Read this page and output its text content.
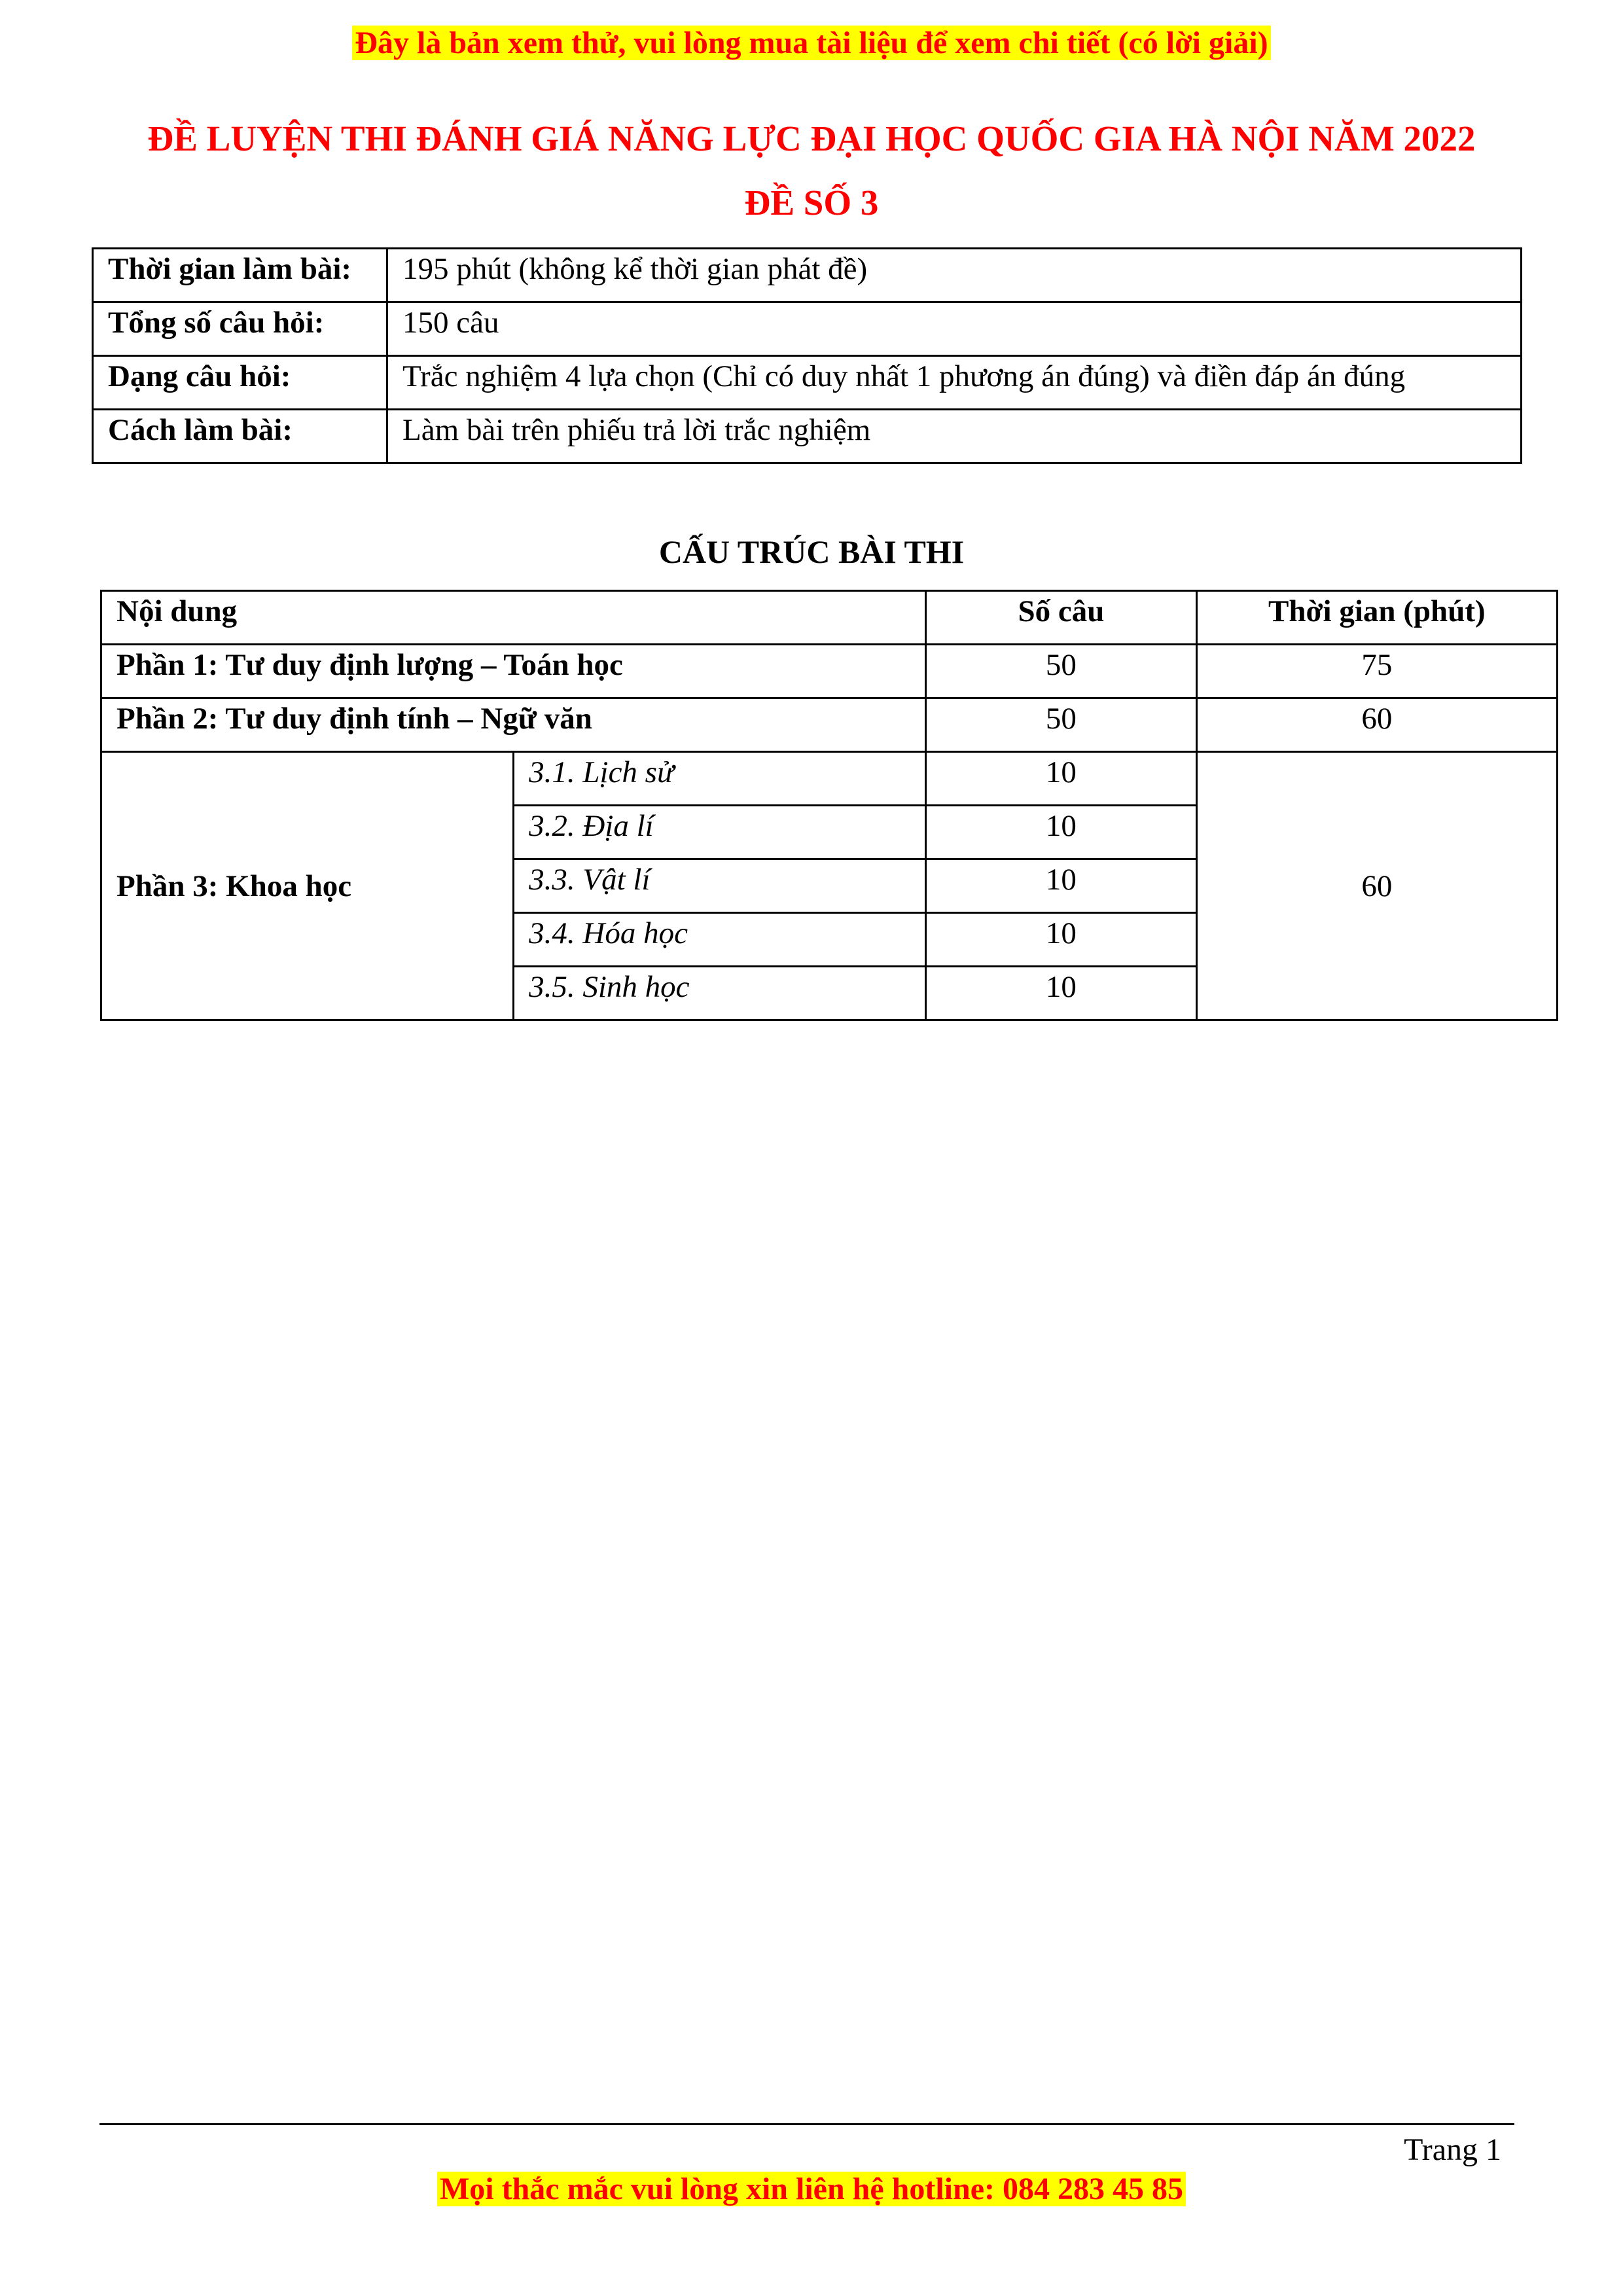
Đây là bản xem thử, vui lòng mua tài liệu để xem chi tiết (có lời giải)
ĐỀ LUYỆN THI ĐÁNH GIÁ NĂNG LỰC ĐẠI HỌC QUỐC GIA HÀ NỘI NĂM 2022
ĐỀ SỐ 3
Thời gian làm bài:	195 phút (không kể thời gian phát đề)
Tổng số câu hỏi:	150 câu
Dạng câu hỏi:	Trắc nghiệm 4 lựa chọn (Chỉ có duy nhất 1 phương án đúng) và điền đáp án đúng
Cách làm bài:	Làm bài trên phiếu trả lời trắc nghiệm
CẤU TRÚC BÀI THI
Nội dung		Số câu	Thời gian (phút)
Phần 1: Tư duy định lượng – Toán học		50	75
Phần 2: Tư duy định tính – Ngữ văn		50	60
Phần 3: Khoa học	3.1. Lịch sử	10	60
	3.2. Địa lí	10	
	3.3. Vật lí	10	
	3.4. Hóa học	10	
	3.5. Sinh học	10	
Trang 1
Mọi thắc mắc vui lòng xin liên hệ hotline: 084 283 45 85
